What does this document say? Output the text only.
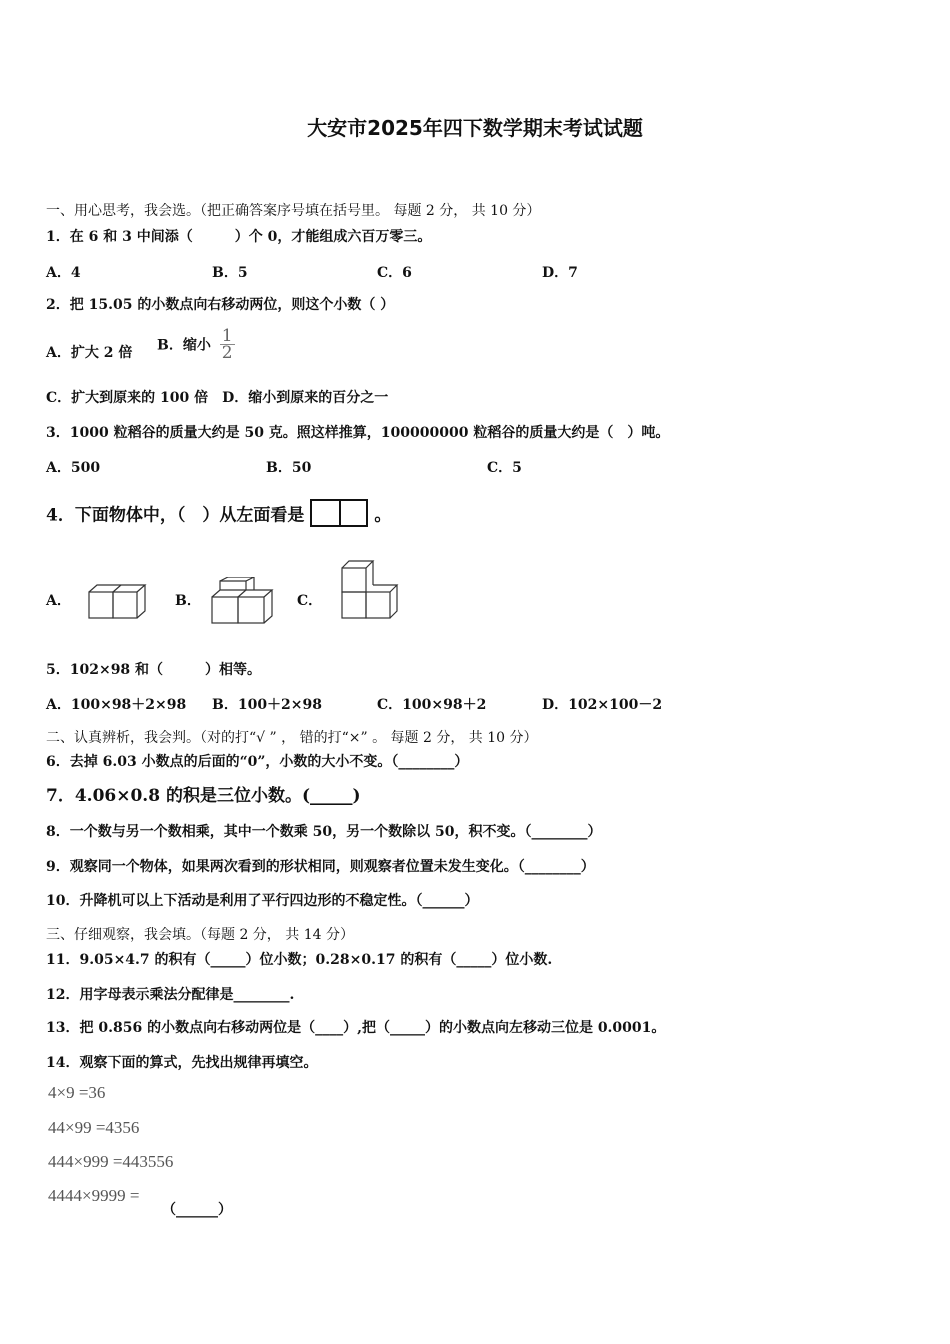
大安市2025年四下数学期末考试试题
一、用心思考，我会选。（把正确答案序号填在括号里。 每题 2 分， 共 10 分）
1．在 6 和 3 中间添（　　　）个 0，才能组成六百万零三。
A．4	B．5	C．6	D．7
2．把 15.05 的小数点向右移动两位，则这个小数（ ）
A．扩大 2 倍 B．缩小 $\frac{1}{2}$
C．扩大到原来的 100 倍　D．缩小到原来的百分之一
3．1000 粒稻谷的质量大约是 50 克。照这样推算，100000000 粒稻谷的质量大约是（　）吨。
A．500	B．50	C．5
4．下面物体中，（　）从左面看是	。
A．	B．	C．
5．102×98 和（　　　）相等。
A．100×98＋2×98 B．100＋2×98	C．100×98＋2	D．102×100－2
二、认真辨析，我会判。（对的打“√ ” ， 错的打“×” 。 每题 2 分， 共 10 分）
6．去掉 6.03 小数点的后面的“0”，小数的大小不变。（________）
7．4.06×0.8 的积是三位小数。(_____)
8．一个数与另一个数相乘，其中一个数乘 50，另一个数除以 50，积不变。（________）
9．观察同一个物体，如果两次看到的形状相同，则观察者位置未发生变化。（________）
10．升降机可以上下活动是利用了平行四边形的不稳定性。（______）
三、仔细观察，我会填。（每题 2 分， 共 14 分）
11．9.05×4.7 的积有（_____）位小数；0.28×0.17 的积有（_____）位小数.
12．用字母表示乘法分配律是________.
13．把 0.856 的小数点向右移动两位是（____）,把（_____）的小数点向左移动三位是 0.0001。
14．观察下面的算式，先找出规律再填空。
4×9 =36
44×99 =4356
444×999 =443556
4444×9999 =
（______）
